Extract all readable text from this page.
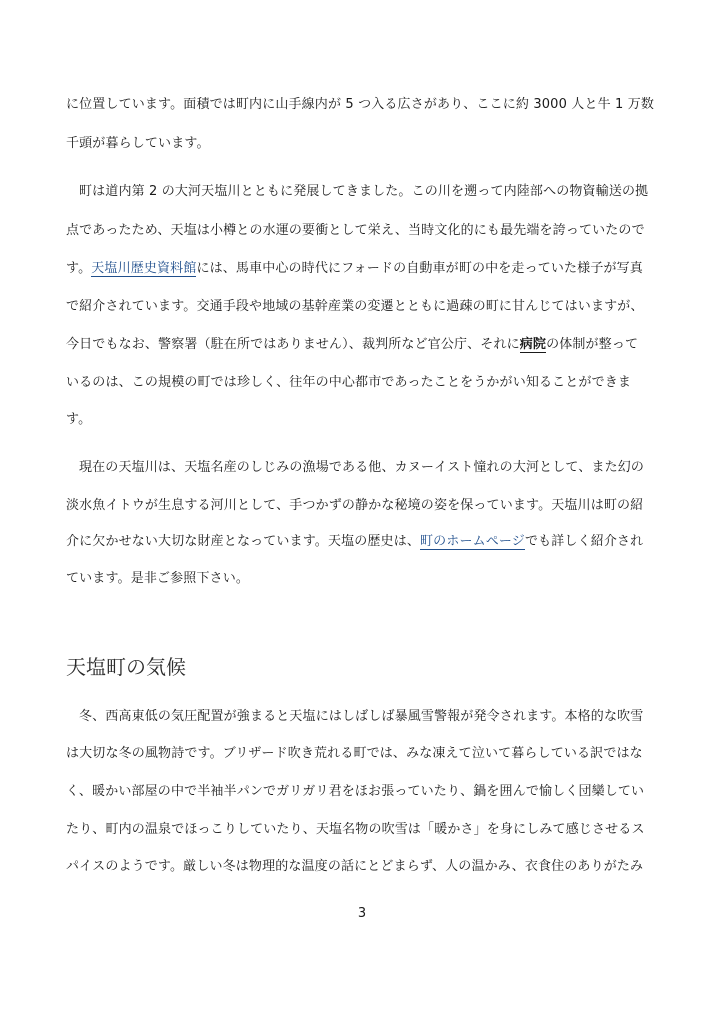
に位置しています。面積では町内に山手線内が 5 つ入る広さがあり、ここに約 3000 人と牛 1 万数
千頭が暮らしています。
町は道内第 2 の大河天塩川とともに発展してきました。この川を遡って内陸部への物資輸送の拠
点であったため、天塩は小樽との水運の要衝として栄え、当時文化的にも最先端を誇っていたので
す。天塩川歴史資料館には、馬車中心の時代にフォードの自動車が町の中を走っていた様子が写真
で紹介されています。交通手段や地域の基幹産業の変遷とともに過疎の町に甘んじてはいますが、
今日でもなお、警察署（駐在所ではありません）、裁判所など官公庁、それに病院の体制が整って
いるのは、この規模の町では珍しく、往年の中心都市であったことをうかがい知ることができま
す。
現在の天塩川は、天塩名産のしじみの漁場である他、カヌーイスト憧れの大河として、また幻の
淡水魚イトウが生息する河川として、手つかずの静かな秘境の姿を保っています。天塩川は町の紹
介に欠かせない大切な財産となっています。天塩の歴史は、町のホームページでも詳しく紹介され
ています。是非ご参照下さい。
天塩町の気候
冬、西高東低の気圧配置が強まると天塩にはしばしば暴風雪警報が発令されます。本格的な吹雪
は大切な冬の風物詩です。ブリザード吹き荒れる町では、みな凍えて泣いて暮らしている訳ではな
く、暖かい部屋の中で半袖半パンでガリガリ君をほお張っていたり、鍋を囲んで愉しく団欒してい
たり、町内の温泉でほっこりしていたり、天塩名物の吹雪は「暖かさ」を身にしみて感じさせるス
パイスのようです。厳しい冬は物理的な温度の話にとどまらず、人の温かみ、衣食住のありがたみ
3
